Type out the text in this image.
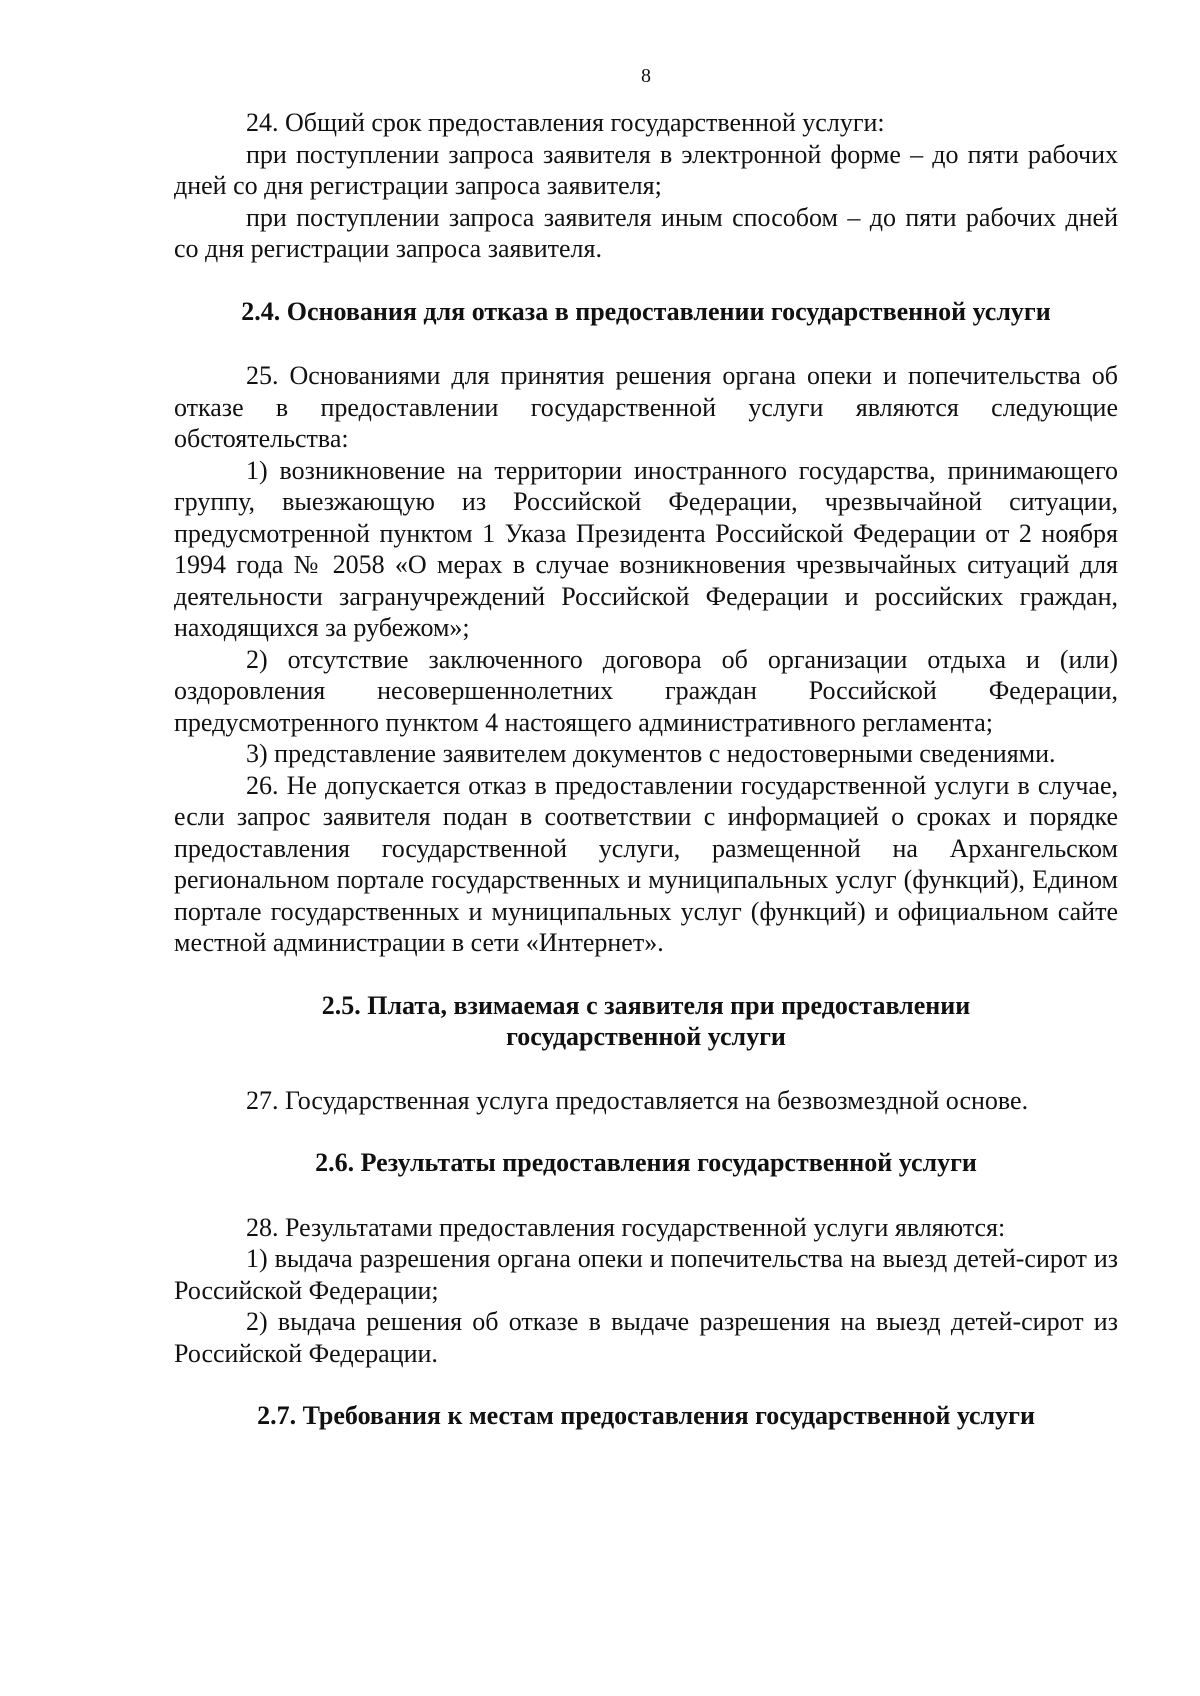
8

24. Общий срок предоставления государственной услуги:

при поступлении запроса заявителя в электронной форме – до пяти рабочих дней со дня регистрации запроса заявителя;

при поступлении запроса заявителя иным способом – до пяти рабочих дней со дня регистрации запроса заявителя.

2.4. Основания для отказа в предоставлении государственной услуги

25. Основаниями для принятия решения органа опеки и попечительства об отказе в предоставлении государственной услуги являются следующие обстоятельства:

1) возникновение на территории иностранного государства, принимающего группу, выезжающую из Российской Федерации, чрезвычайной ситуации, предусмотренной пунктом 1 Указа Президента Российской Федерации от 2 ноября 1994 года № 2058 «О мерах в случае возникновения чрезвычайных ситуаций для деятельности загранучреждений Российской Федерации и российских граждан, находящихся за рубежом»;

2) отсутствие заключенного договора об организации отдыха и (или) оздоровления несовершеннолетних граждан Российской Федерации, предусмотренного пунктом 4 настоящего административного регламента;

3) представление заявителем документов с недостоверными сведениями.

26. Не допускается отказ в предоставлении государственной услуги в случае, если запрос заявителя подан в соответствии с информацией о сроках и порядке предоставления государственной услуги, размещенной на Архангельском региональном портале государственных и муниципальных услуг (функций), Едином портале государственных и муниципальных услуг (функций) и официальном сайте местной администрации в сети «Интернет».

2.5. Плата, взимаемая с заявителя при предоставлении
государственной услуги

27. Государственная услуга предоставляется на безвозмездной основе.

2.6. Результаты предоставления государственной услуги

28. Результатами предоставления государственной услуги являются:

1) выдача разрешения органа опеки и попечительства на выезд детей-сирот из Российской Федерации;

2) выдача решения об отказе в выдаче разрешения на выезд детей-сирот из Российской Федерации.

2.7. Требования к местам предоставления государственной услуги
